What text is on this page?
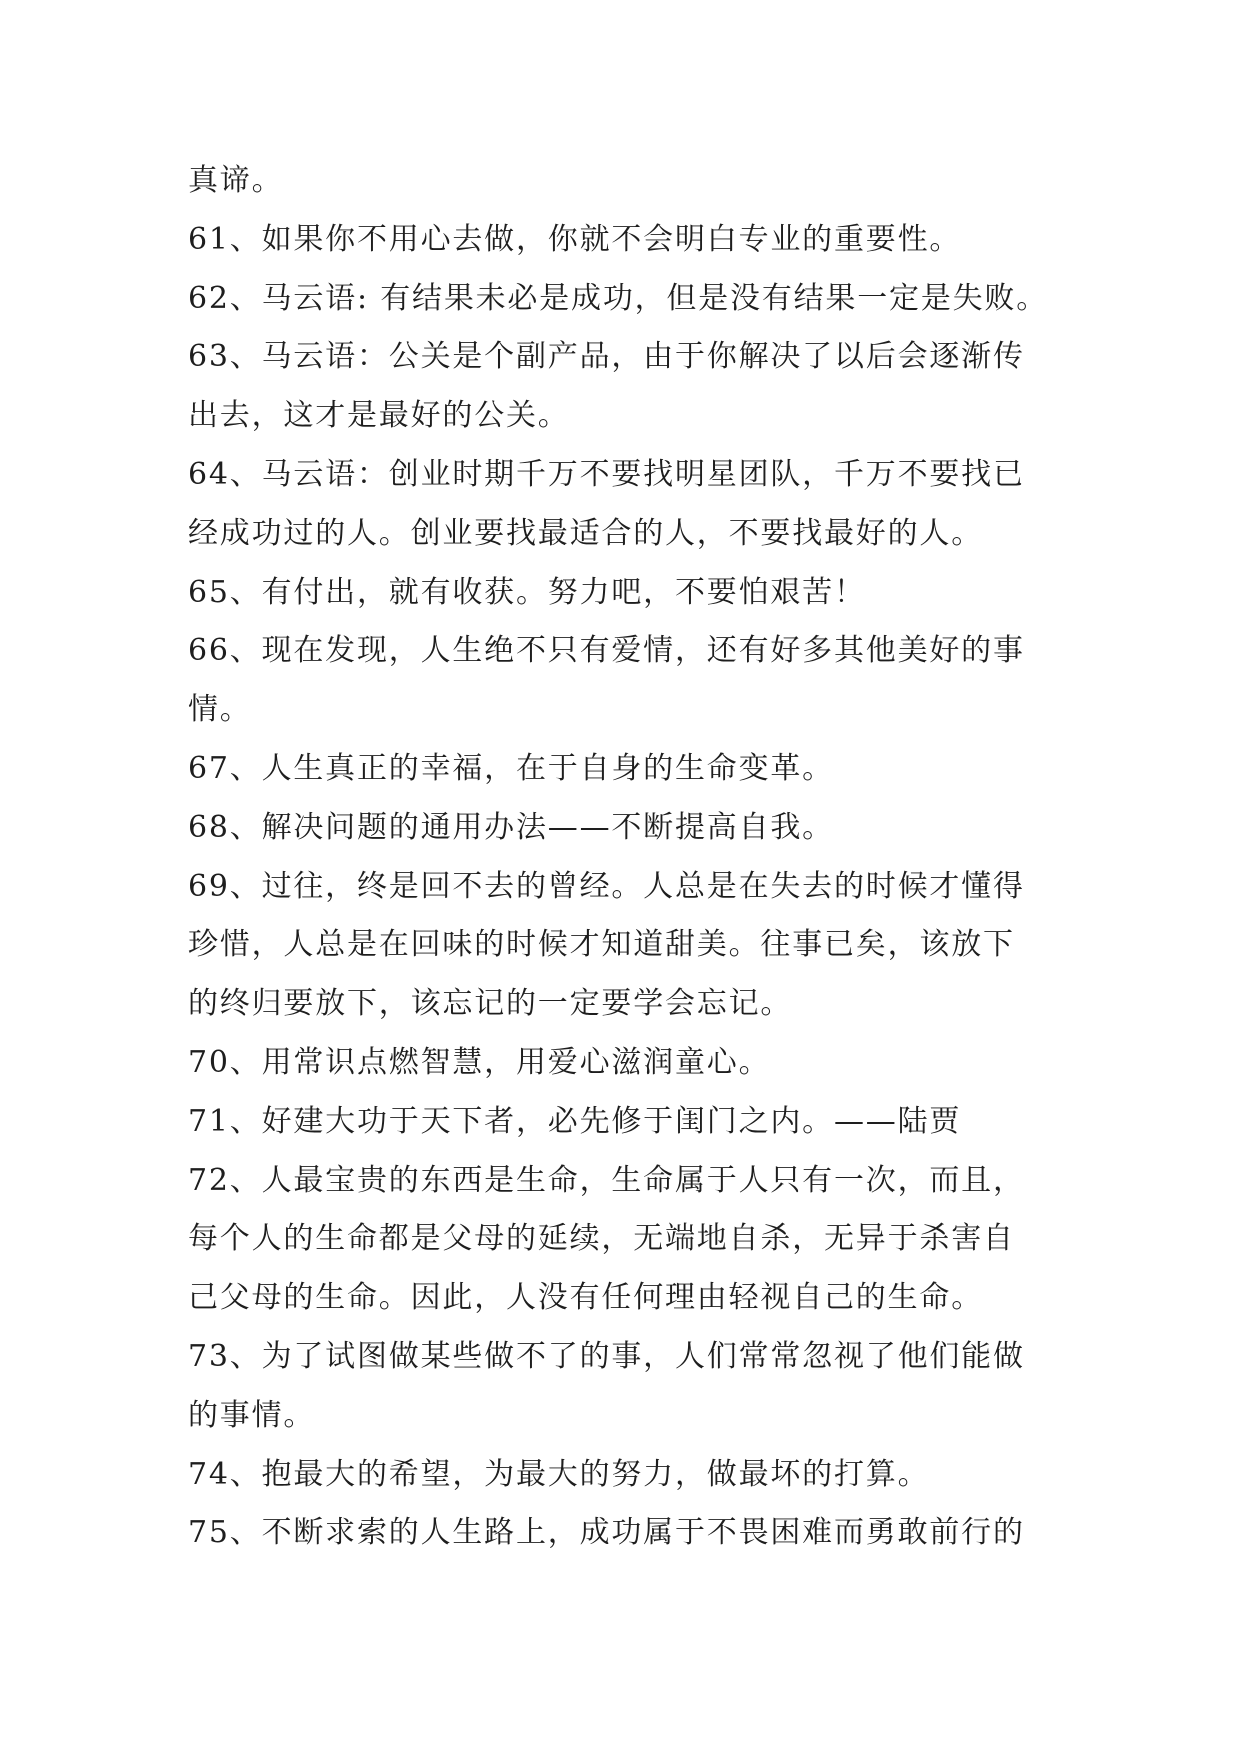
真谛。
61、如果你不用心去做，你就不会明白专业的重要性。
62、马云语: 有结果未必是成功，但是没有结果一定是失败。
63、马云语：公关是个副产品，由于你解决了以后会逐渐传
出去，这才是最好的公关。
64、马云语：创业时期千万不要找明星团队，千万不要找已
经成功过的人。创业要找最适合的人，不要找最好的人。
65、有付出，就有收获。努力吧，不要怕艰苦！
66、现在发现，人生绝不只有爱情，还有好多其他美好的事
情。
67、人生真正的幸福，在于自身的生命变革。
68、解决问题的通用办法——不断提高自我。
69、过往，终是回不去的曾经。人总是在失去的时候才懂得
珍惜，人总是在回味的时候才知道甜美。往事已矣，该放下
的终归要放下，该忘记的一定要学会忘记。
70、用常识点燃智慧，用爱心滋润童心。
71、好建大功于天下者，必先修于闺门之内。——陆贾
72、人最宝贵的东西是生命，生命属于人只有一次，而且，
每个人的生命都是父母的延续，无端地自杀，无异于杀害自
己父母的生命。因此，人没有任何理由轻视自己的生命。
73、为了试图做某些做不了的事，人们常常忽视了他们能做
的事情。
74、抱最大的希望，为最大的努力，做最坏的打算。
75、不断求索的人生路上，成功属于不畏困难而勇敢前行的
